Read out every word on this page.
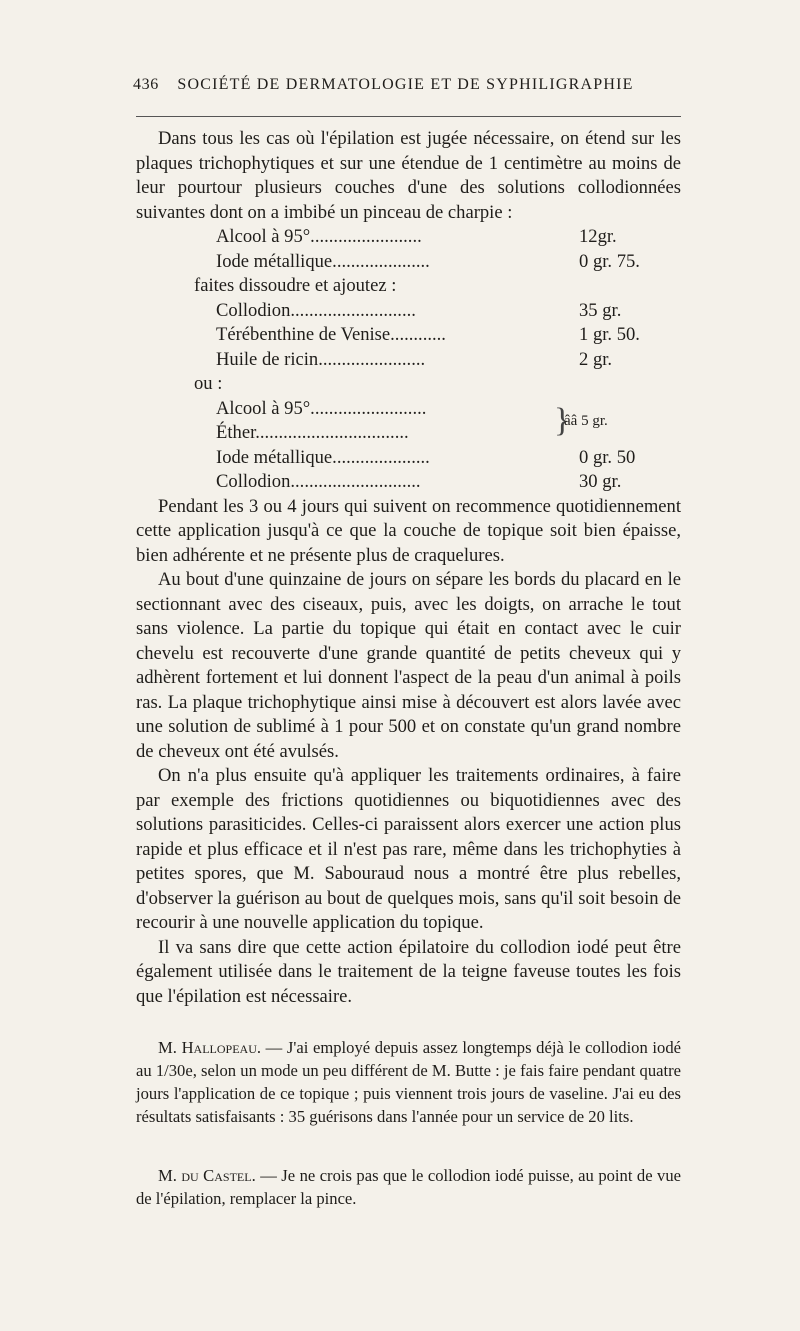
436 SOCIÉTÉ DE DERMATOLOGIE ET DE SYPHILIGRAPHIE

Dans tous les cas où l'épilation est jugée nécessaire, on étend sur les plaques trichophytiques et sur une étendue de 1 centimètre au moins de leur pourtour plusieurs couches d'une des solutions collodionnées suivantes dont on a imbibé un pinceau de charpie :

Alcool à 95°........................	12gr.
Iode métallique.....................	0 gr. 75.
faites dissoudre et ajoutez :
Collodion...........................	35 gr.
Térébenthine de Venise............	1 gr. 50.
Huile de ricin.......................	2 gr.
ou :
Alcool à 95°.........................
Éther.................................	}
ââ 5 gr.
Iode métallique.....................	0 gr. 50
Collodion............................	30 gr.

Pendant les 3 ou 4 jours qui suivent on recommence quotidiennement cette application jusqu'à ce que la couche de topique soit bien épaisse, bien adhérente et ne présente plus de craquelures.

Au bout d'une quinzaine de jours on sépare les bords du placard en le sectionnant avec des ciseaux, puis, avec les doigts, on arrache le tout sans violence. La partie du topique qui était en contact avec le cuir chevelu est recouverte d'une grande quantité de petits cheveux qui y adhèrent fortement et lui donnent l'aspect de la peau d'un animal à poils ras. La plaque trichophytique ainsi mise à découvert est alors lavée avec une solution de sublimé à 1 pour 500 et on constate qu'un grand nombre de cheveux ont été avulsés.

On n'a plus ensuite qu'à appliquer les traitements ordinaires, à faire par exemple des frictions quotidiennes ou biquotidiennes avec des solutions parasiticides. Celles-ci paraissent alors exercer une action plus rapide et plus efficace et il n'est pas rare, même dans les trichophyties à petites spores, que M. Sabouraud nous a montré être plus rebelles, d'observer la guérison au bout de quelques mois, sans qu'il soit besoin de recourir à une nouvelle application du topique.

Il va sans dire que cette action épilatoire du collodion iodé peut être également utilisée dans le traitement de la teigne faveuse toutes les fois que l'épilation est nécessaire.

M. Hallopeau. — J'ai employé depuis assez longtemps déjà le collodion iodé au 1/30e, selon un mode un peu différent de M. Butte : je fais faire pendant quatre jours l'application de ce topique ; puis viennent trois jours de vaseline. J'ai eu des résultats satisfaisants : 35 guérisons dans l'année pour un service de 20 lits.

M. du Castel. — Je ne crois pas que le collodion iodé puisse, au point de vue de l'épilation, remplacer la pince.
